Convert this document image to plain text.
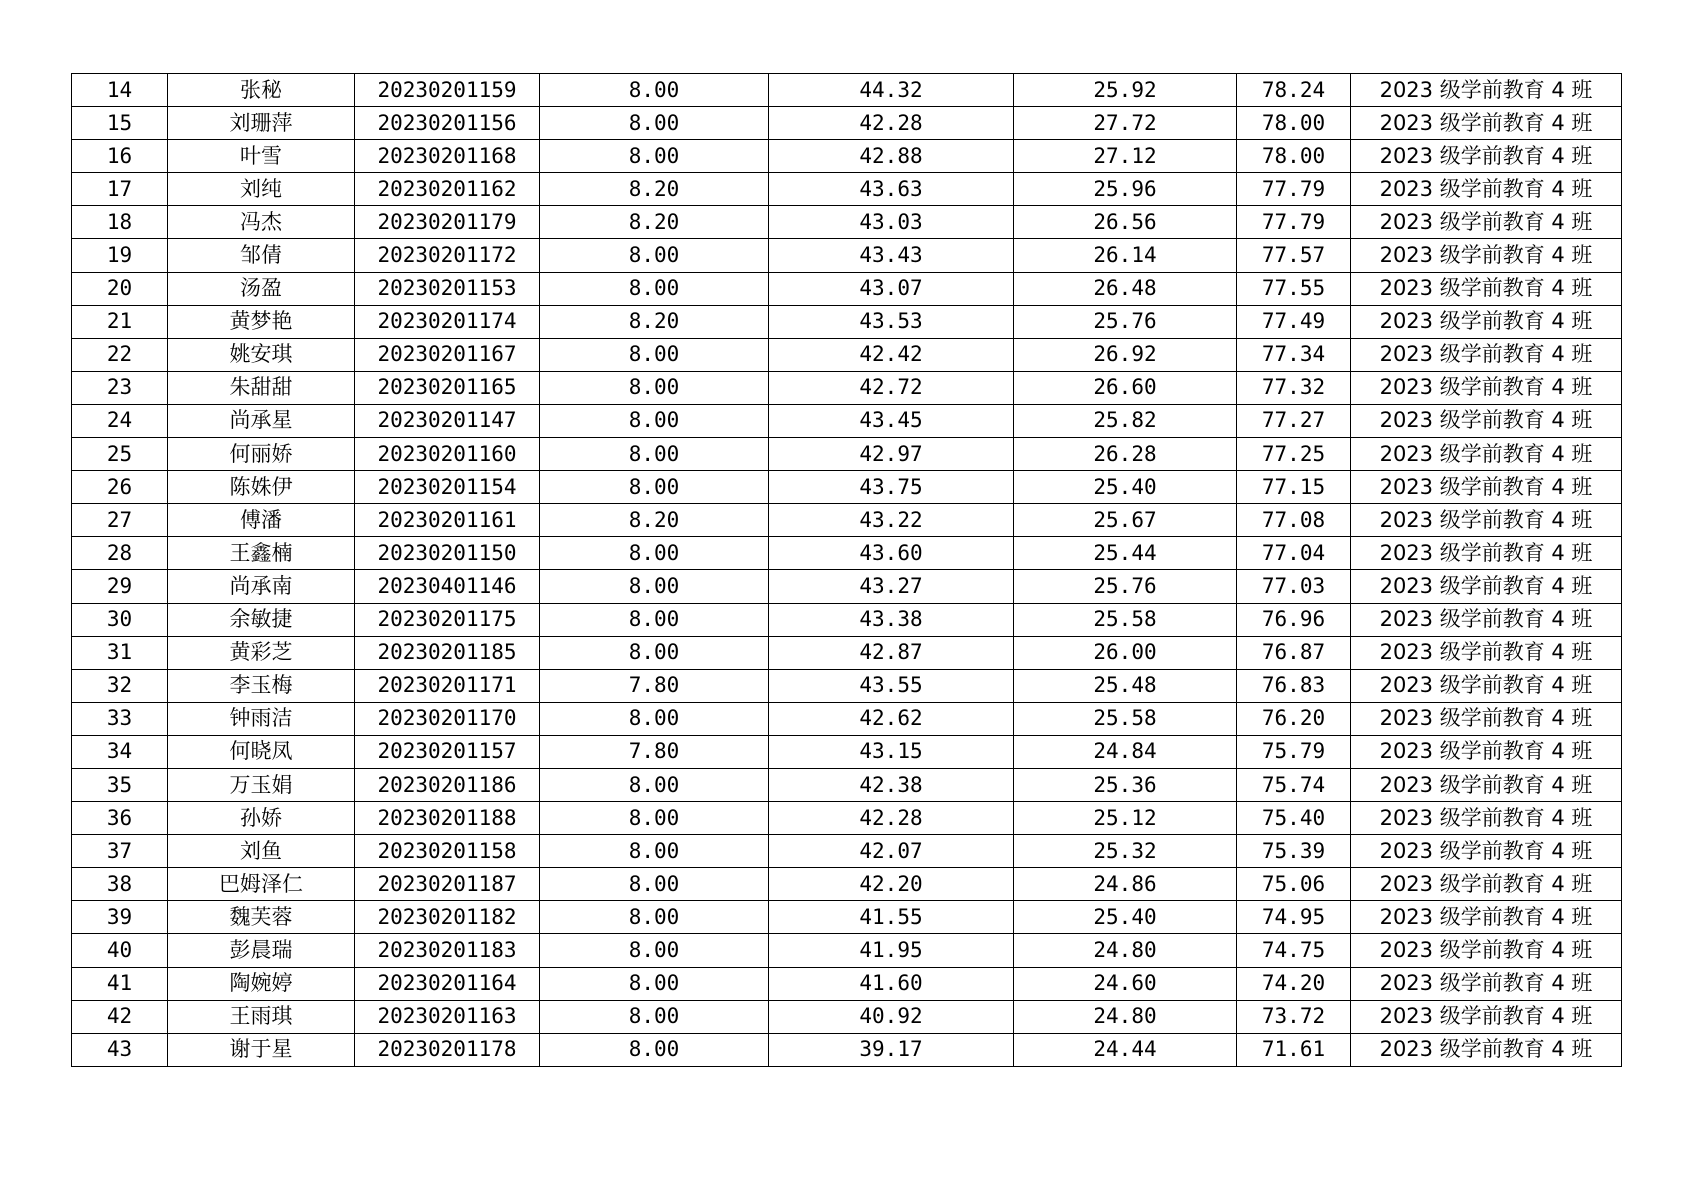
14	张秘	20230201159	8.00	44.32	25.92	78.24	2023 级学前教育 4 班
15	刘珊萍	20230201156	8.00	42.28	27.72	78.00	2023 级学前教育 4 班
16	叶雪	20230201168	8.00	42.88	27.12	78.00	2023 级学前教育 4 班
17	刘纯	20230201162	8.20	43.63	25.96	77.79	2023 级学前教育 4 班
18	冯杰	20230201179	8.20	43.03	26.56	77.79	2023 级学前教育 4 班
19	邹倩	20230201172	8.00	43.43	26.14	77.57	2023 级学前教育 4 班
20	汤盈	20230201153	8.00	43.07	26.48	77.55	2023 级学前教育 4 班
21	黄梦艳	20230201174	8.20	43.53	25.76	77.49	2023 级学前教育 4 班
22	姚安琪	20230201167	8.00	42.42	26.92	77.34	2023 级学前教育 4 班
23	朱甜甜	20230201165	8.00	42.72	26.60	77.32	2023 级学前教育 4 班
24	尚承星	20230201147	8.00	43.45	25.82	77.27	2023 级学前教育 4 班
25	何丽娇	20230201160	8.00	42.97	26.28	77.25	2023 级学前教育 4 班
26	陈姝伊	20230201154	8.00	43.75	25.40	77.15	2023 级学前教育 4 班
27	傅潘	20230201161	8.20	43.22	25.67	77.08	2023 级学前教育 4 班
28	王鑫楠	20230201150	8.00	43.60	25.44	77.04	2023 级学前教育 4 班
29	尚承南	20230401146	8.00	43.27	25.76	77.03	2023 级学前教育 4 班
30	余敏捷	20230201175	8.00	43.38	25.58	76.96	2023 级学前教育 4 班
31	黄彩芝	20230201185	8.00	42.87	26.00	76.87	2023 级学前教育 4 班
32	李玉梅	20230201171	7.80	43.55	25.48	76.83	2023 级学前教育 4 班
33	钟雨洁	20230201170	8.00	42.62	25.58	76.20	2023 级学前教育 4 班
34	何晓凤	20230201157	7.80	43.15	24.84	75.79	2023 级学前教育 4 班
35	万玉娟	20230201186	8.00	42.38	25.36	75.74	2023 级学前教育 4 班
36	孙娇	20230201188	8.00	42.28	25.12	75.40	2023 级学前教育 4 班
37	刘鱼	20230201158	8.00	42.07	25.32	75.39	2023 级学前教育 4 班
38	巴姆泽仁	20230201187	8.00	42.20	24.86	75.06	2023 级学前教育 4 班
39	魏芙蓉	20230201182	8.00	41.55	25.40	74.95	2023 级学前教育 4 班
40	彭晨瑞	20230201183	8.00	41.95	24.80	74.75	2023 级学前教育 4 班
41	陶婉婷	20230201164	8.00	41.60	24.60	74.20	2023 级学前教育 4 班
42	王雨琪	20230201163	8.00	40.92	24.80	73.72	2023 级学前教育 4 班
43	谢于星	20230201178	8.00	39.17	24.44	71.61	2023 级学前教育 4 班
